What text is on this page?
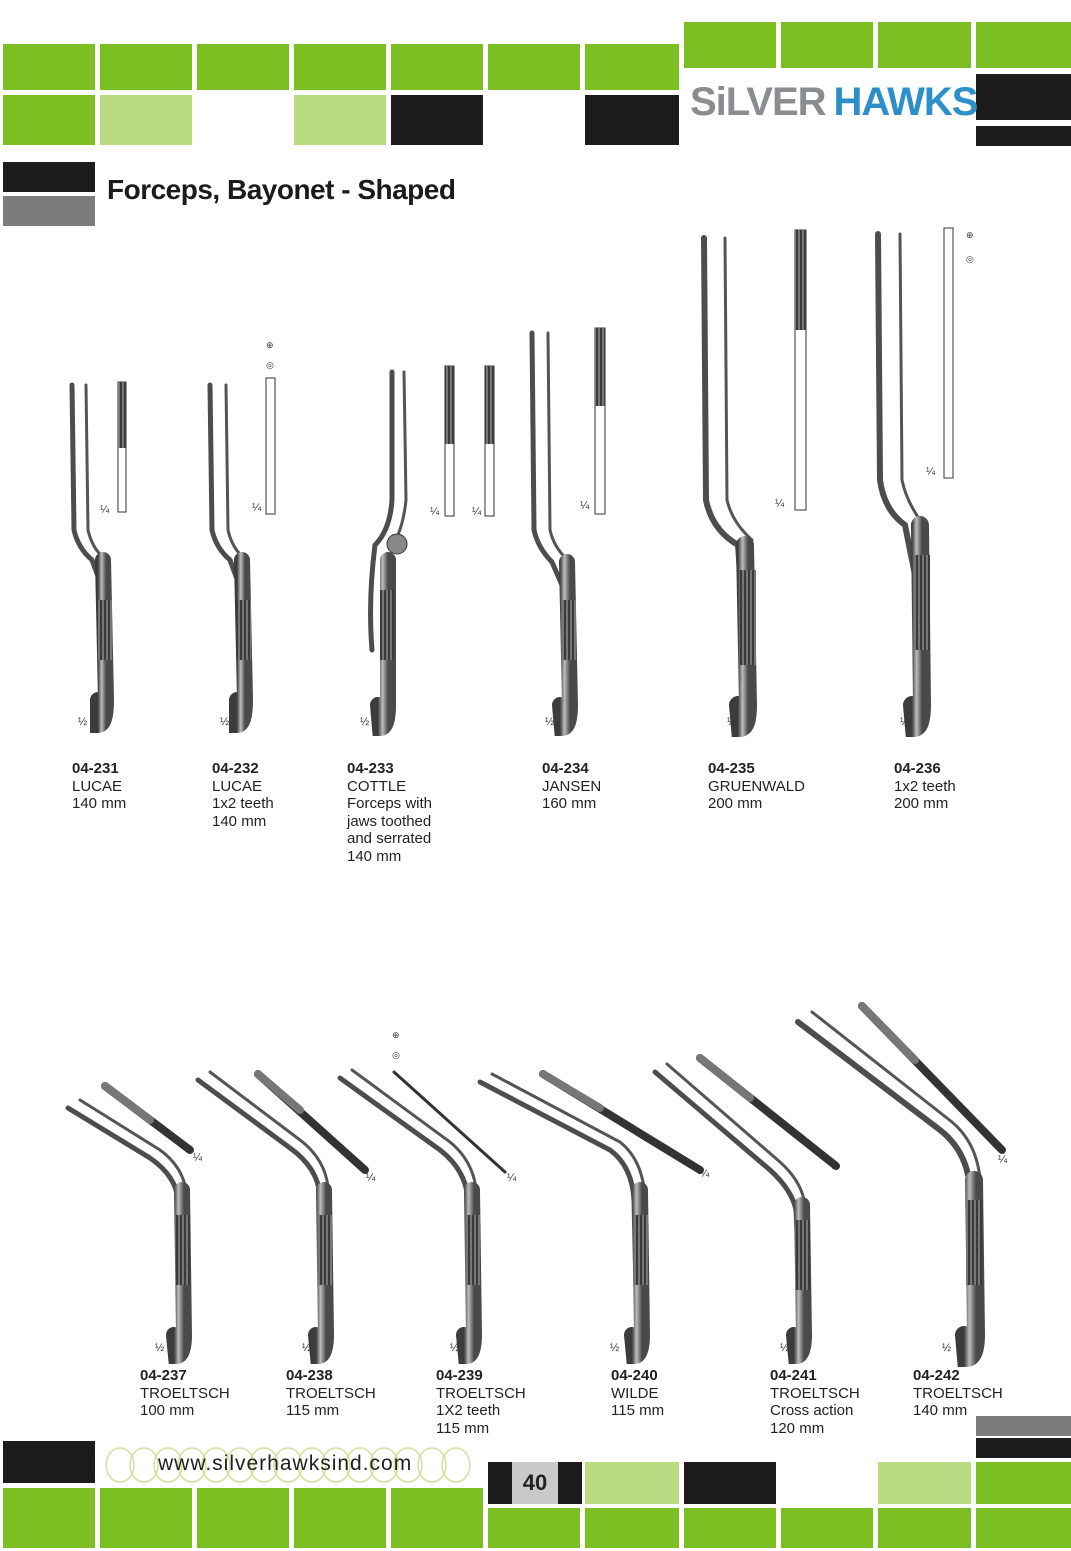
SiLVER HAWKS
Forceps, Bayonet - Shaped
⊕
◎
⊕
◎
⊕
◎
½	½	½	½	½	½
¼	¼	¼	¼	¼	¼
¼
½	½	½	½	½	½
¼
¼	¼	¼
¼	¼
04-231
LUCAE
140 mm
04-232
LUCAE
1x2 teeth
140 mm
04-233
COTTLE
Forceps with
jaws toothed
and serrated
140 mm
04-234
JANSEN
160 mm
04-235
GRUENWALD
200 mm
04-236
1x2 teeth
200 mm
04-237
TROELTSCH
100 mm
04-238
TROELTSCH
115 mm
04-239
TROELTSCH
1X2 teeth
115 mm
04-240
WILDE
115 mm
04-241
TROELTSCH
Cross action
120 mm
04-242
TROELTSCH
140 mm
www.silverhawksind.com
40
